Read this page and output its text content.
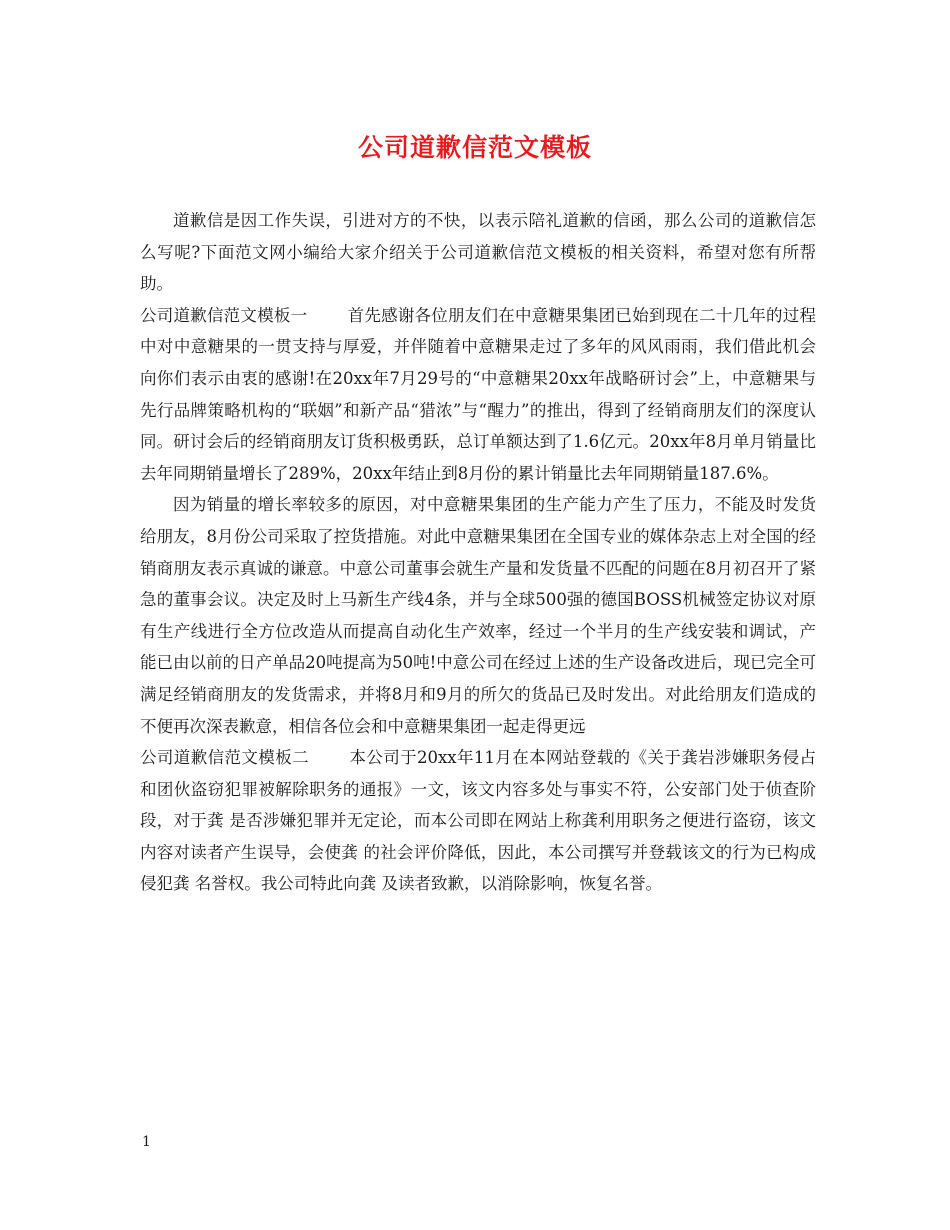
公司道歉信范文模板

道歉信是因工作失误，引进对方的不快，以表示陪礼道歉的信函，那么公司的道歉信怎么写呢?下面范文网小编给大家介绍关于公司道歉信范文模板的相关资料，希望对您有所帮助。

公司道歉信范文模板一 首先感谢各位朋友们在中意糖果集团已始到现在二十几年的过程中对中意糖果的一贯支持与厚爱，并伴随着中意糖果走过了多年的风风雨雨，我们借此机会向你们表示由衷的感谢!在20xx年7月29号的“中意糖果20xx年战略研讨会”上，中意糖果与先行品牌策略机构的“联姻”和新产品“猎浓”与“醒力”的推出，得到了经销商朋友们的深度认同。研讨会后的经销商朋友订货积极勇跃，总订单额达到了1.6亿元。20xx年8月单月销量比去年同期销量增长了289%，20xx年结止到8月份的累计销量比去年同期销量187.6%。

因为销量的增长率较多的原因，对中意糖果集团的生产能力产生了压力，不能及时发货给朋友，8月份公司采取了控货措施。对此中意糖果集团在全国专业的媒体杂志上对全国的经销商朋友表示真诚的谦意。中意公司董事会就生产量和发货量不匹配的问题在8月初召开了紧急的董事会议。决定及时上马新生产线4条，并与全球500强的德国BOSS机械签定协议对原有生产线进行全方位改造从而提高自动化生产效率，经过一个半月的生产线安装和调试，产能已由以前的日产单品20吨提高为50吨!中意公司在经过上述的生产设备改进后，现已完全可满足经销商朋友的发货需求，并将8月和9月的所欠的货品已及时发出。对此给朋友们造成的不便再次深表歉意，相信各位会和中意糖果集团一起走得更远

公司道歉信范文模板二 本公司于20xx年11月在本网站登载的《关于龚岩涉嫌职务侵占和团伙盗窃犯罪被解除职务的通报》一文，该文内容多处与事实不符，公安部门处于侦查阶段，对于龚 是否涉嫌犯罪并无定论，而本公司即在网站上称龚利用职务之便进行盗窃，该文内容对读者产生误导，会使龚 的社会评价降低，因此，本公司撰写并登载该文的行为已构成侵犯龚 名誉权。我公司特此向龚 及读者致歉，以消除影响，恢复名誉。

1
